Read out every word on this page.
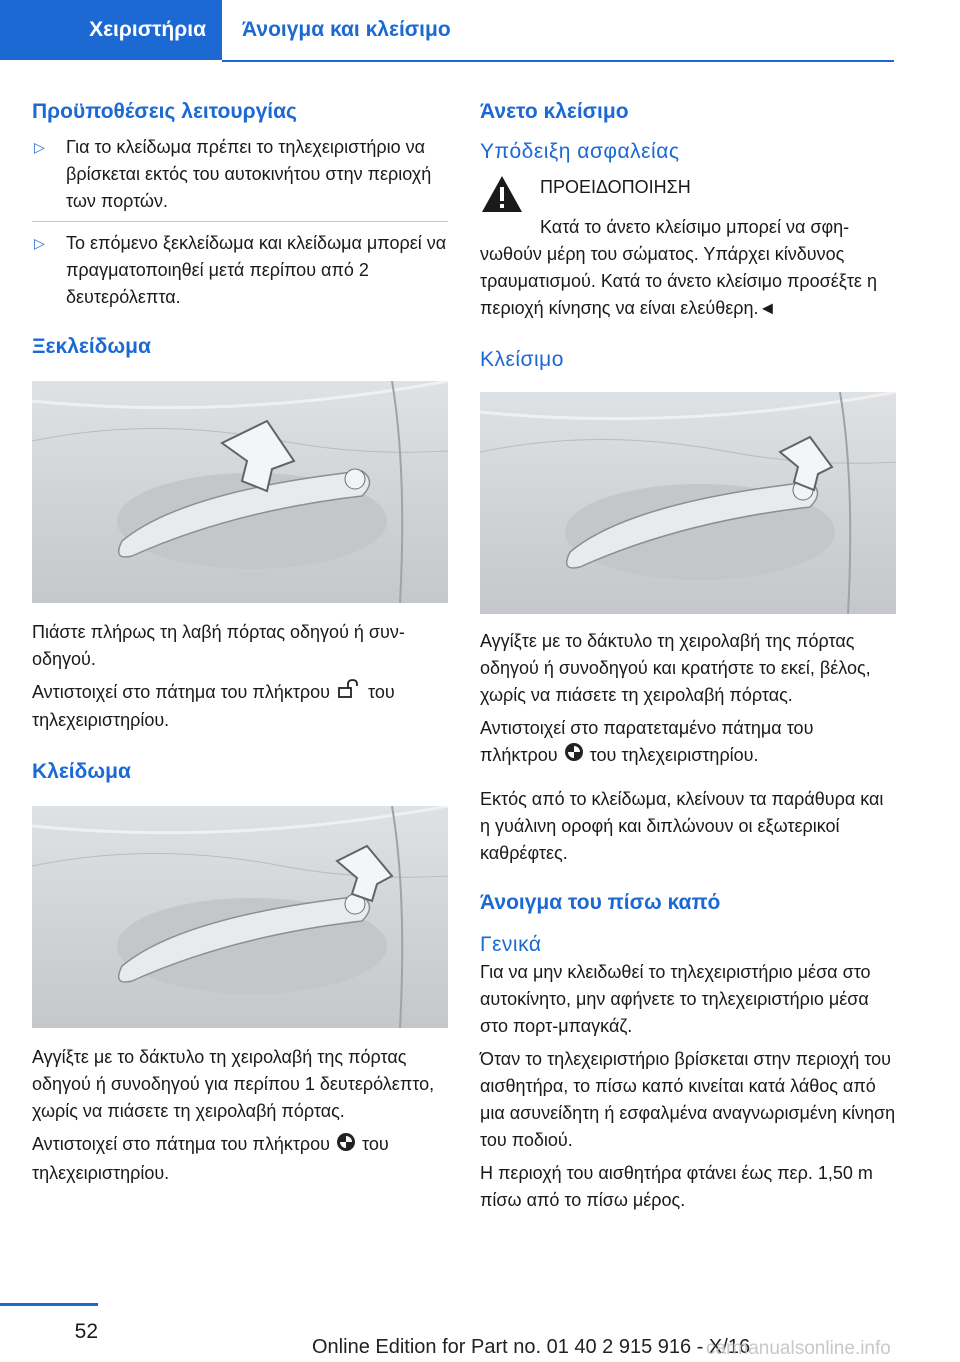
Χειριστήρια	Άνοιγμα και κλείσιμο
Προϋποθέσεις λειτουργίας
▷	Για το κλείδωμα πρέπει το τηλεχειριστήριο να βρίσκεται εκτός του αυτοκινήτου στην περιοχή των πορτών.
▷	Το επόμενο ξεκλείδωμα και κλείδωμα μπορεί να πραγματοποιηθεί μετά περίπου από 2 δευτερόλεπτα.
Ξεκλείδωμα

Πιάστε πλήρως τη λαβή πόρτας οδηγού ή συνοδηγού.

Αντιστοιχεί στο πάτημα του πλήκτρου του τηλεχειριστηρίου.

Κλείδωμα

Αγγίξτε με το δάκτυλο τη χειρολαβή της πόρτας οδηγού ή συνοδηγού για περίπου 1 δευτερόλεπτο, χωρίς να πιάσετε τη χειρολαβή πόρτας.

Αντιστοιχεί στο πάτημα του πλήκτρου του τηλεχειριστηρίου.

Άνετο κλείσιμο
Υπόδειξη ασφαλείας

ΠΡΟΕΙΔΟΠΟΙΗΣΗ

Κατά το άνετο κλείσιμο μπορεί να σφηνωθούν μέρη του σώματος. Υπάρχει κίνδυνος τραυματισμού. Κατά το άνετο κλείσιμο προσέξτε η περιοχή κίνησης να είναι ελεύθερη.◄

Κλείσιμο

Αγγίξτε με το δάκτυλο τη χειρολαβή της πόρτας οδηγού ή συνοδηγού και κρατήστε το εκεί, βέλος, χωρίς να πιάσετε τη χειρολαβή πόρτας.

Αντιστοιχεί στο παρατεταμένο πάτημα του πλήκτρου του τηλεχειριστηρίου.

Εκτός από το κλείδωμα, κλείνουν τα παράθυρα και η γυάλινη οροφή και διπλώνουν οι εξωτερικοί καθρέφτες.

Άνοιγμα του πίσω καπό
Γενικά

Για να μην κλειδωθεί το τηλεχειριστήριο μέσα στο αυτοκίνητο, μην αφήνετε το τηλεχειριστήριο μέσα στο πορτ-μπαγκάζ.

Όταν το τηλεχειριστήριο βρίσκεται στην περιοχή του αισθητήρα, το πίσω καπό κινείται κατά λάθος από μια ασυνείδητη ή εσφαλμένα αναγνωρισμένη κίνηση του ποδιού.

Η περιοχή του αισθητήρα φτάνει έως περ. 1,50 m πίσω από το πίσω μέρος.

52
Online Edition for Part no. 01 40 2 915 916 - X/16
carmanualsonline.info
